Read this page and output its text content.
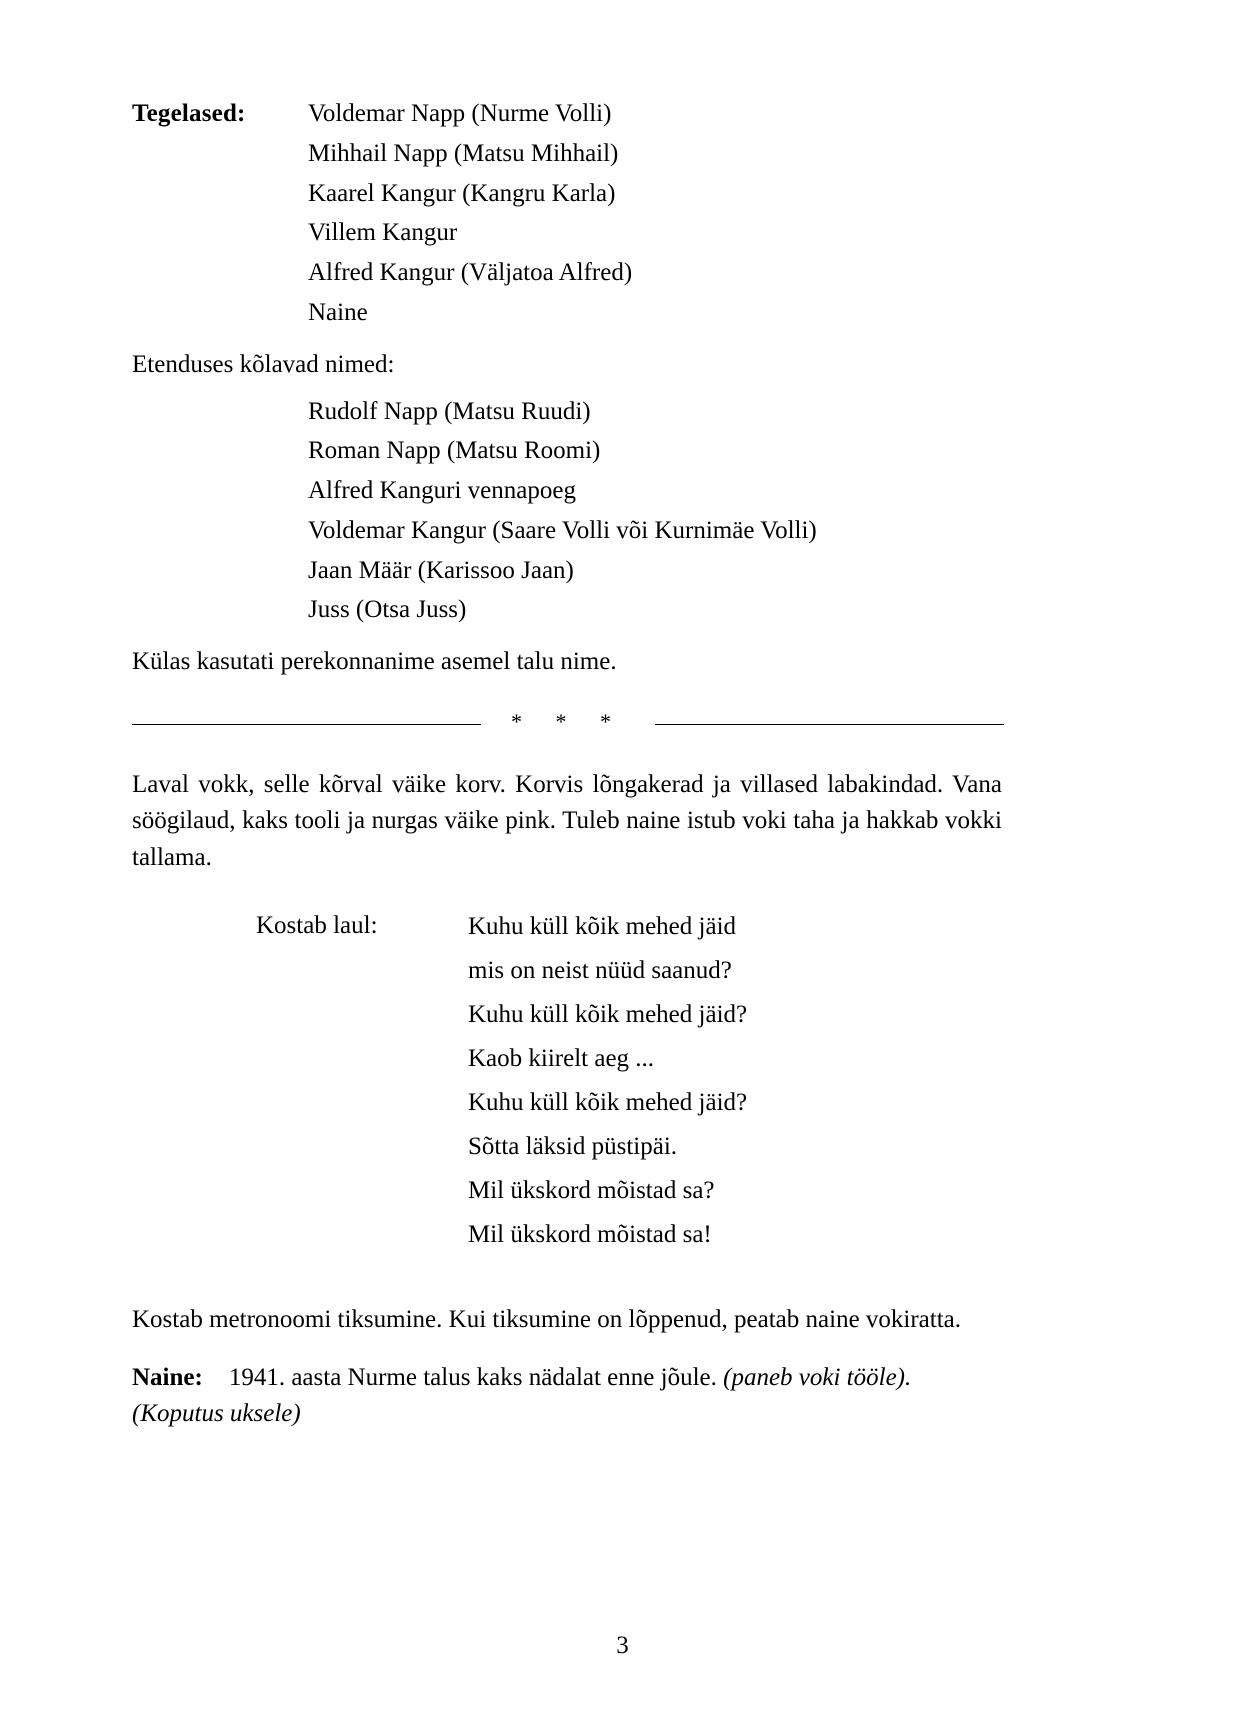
Tegelased:	Voldemar Napp (Nurme Volli)
Mihhail Napp (Matsu Mihhail)
Kaarel Kangur (Kangru Karla)
Villem Kangur
Alfred Kangur (Väljatoa Alfred)
Naine
Etenduses kõlavad nimed:
Rudolf Napp (Matsu Ruudi)
Roman Napp (Matsu Roomi)
Alfred Kanguri vennapoeg
Voldemar Kangur (Saare Volli või Kurnimäe Volli)
Jaan Määr (Karissoo Jaan)
Juss (Otsa Juss)
Külas kasutati perekonnanime asemel talu nime.
* * *

Laval vokk, selle kõrval väike korv. Korvis lõngakerad ja villased labakindad. Vana söögilaud, kaks tooli ja nurgas väike pink. Tuleb naine istub voki taha ja hakkab vokki tallama.

Kostab laul:	Kuhu küll kõik mehed jäid
mis on neist nüüd saanud?
Kuhu küll kõik mehed jäid?
Kaob kiirelt aeg ...
Kuhu küll kõik mehed jäid?
Sõtta läksid püstipäi.
Mil ükskord mõistad sa?
Mil ükskord mõistad sa!

Kostab metronoomi tiksumine. Kui tiksumine on lõppenud, peatab naine vokiratta.

Naine: 1941. aasta Nurme talus kaks nädalat enne jõule. (paneb voki tööle). (Koputus uksele)

3
